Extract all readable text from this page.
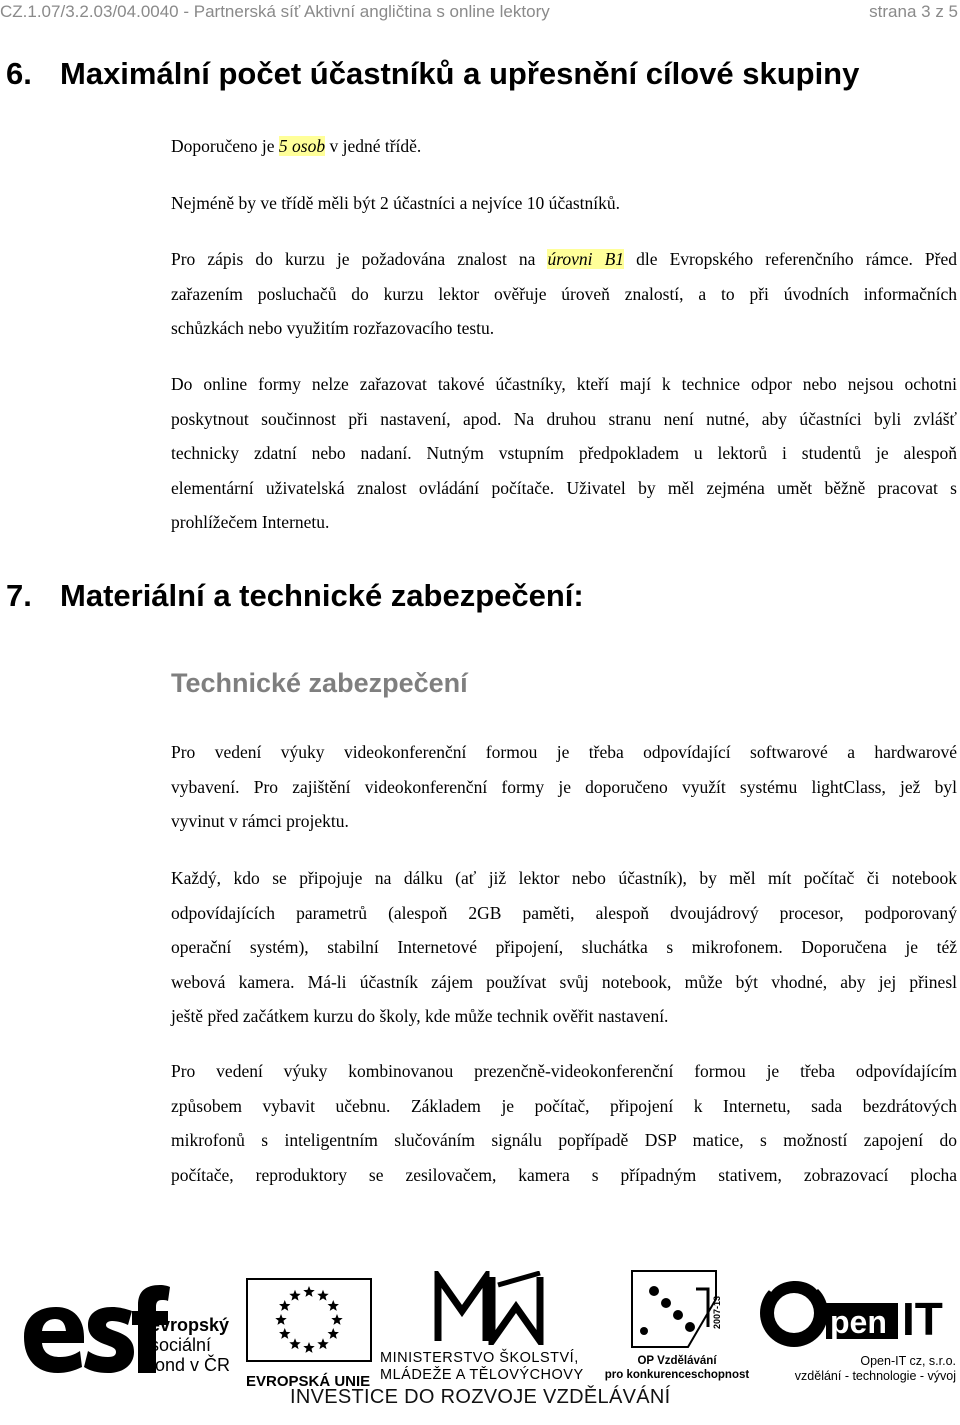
CZ.1.07/3.2.03/04.0040 - Partnerská síť Aktivní angličtina s online lektory	strana 3 z 5
6. Maximální počet účastníků a upřesnění cílové skupiny

Doporučeno je 5 osob v jedné třídě.

Nejméně by ve třídě měli být 2 účastníci a nejvíce 10 účastníků.

Pro zápis do kurzu je požadována znalost na úrovni B1 dle Evropského referenčního rámce. Před
zařazením posluchačů do kurzu lektor ověřuje úroveň znalostí, a to při úvodních informačních
schůzkách nebo využitím rozřazovacího testu.

Do online formy nelze zařazovat takové účastníky, kteří mají k technice odpor nebo nejsou ochotni
poskytnout součinnost při nastavení, apod. Na druhou stranu není nutné, aby účastníci byli zvlášť
technicky zdatní nebo nadaní. Nutným vstupním předpokladem u lektorů i studentů je alespoň
elementární uživatelská znalost ovládání počítače. Uživatel by měl zejména umět běžně pracovat s
prohlížečem Internetu.

7. Materiální a technické zabezpečení:
Technické zabezpečení

Pro vedení výuky videokonferenční formou je třeba odpovídající softwarové a hardwarové
vybavení. Pro zajištění videokonferenční formy je doporučeno využít systému lightClass, jež byl
vyvinut v rámci projektu.

Každý, kdo se připojuje na dálku (ať již lektor nebo účastník), by měl mít počítač či notebook
odpovídajících parametrů (alespoň 2GB paměti, alespoň dvoujádrový procesor, podporovaný
operační systém), stabilní Internetové připojení, sluchátka s mikrofonem. Doporučena je též
webová kamera. Má-li účastník zájem používat svůj notebook, může být vhodné, aby jej přinesl
ještě před začátkem kurzu do školy, kde může technik ověřit nastavení.

Pro vedení výuky kombinovanou prezenčně-videokonferenční formou je třeba odpovídajícím
způsobem vybavit učebnu. Základem je počítač, připojení k Internetu, sada bezdrátových
mikrofonů s inteligentním slučováním signálu popřípadě DSP matice, s možností zapojení do
počítače, reproduktory se zesilovačem, kamera s případným stativem, zobrazovací plocha

evropský
sociální
fond v ČR
EVROPSKÁ UNIE
MINISTERSTVO ŠKOLSTVÍ,
MLÁDEŽE A TĚLOVÝCHOVY
2007-13
OP Vzdělávání
pro konkurenceschopnost
pen IT
Open-IT cz, s.r.o.
vzdělání - technologie - vývoj
INVESTICE DO ROZVOJE VZDĚLÁVÁNÍ
